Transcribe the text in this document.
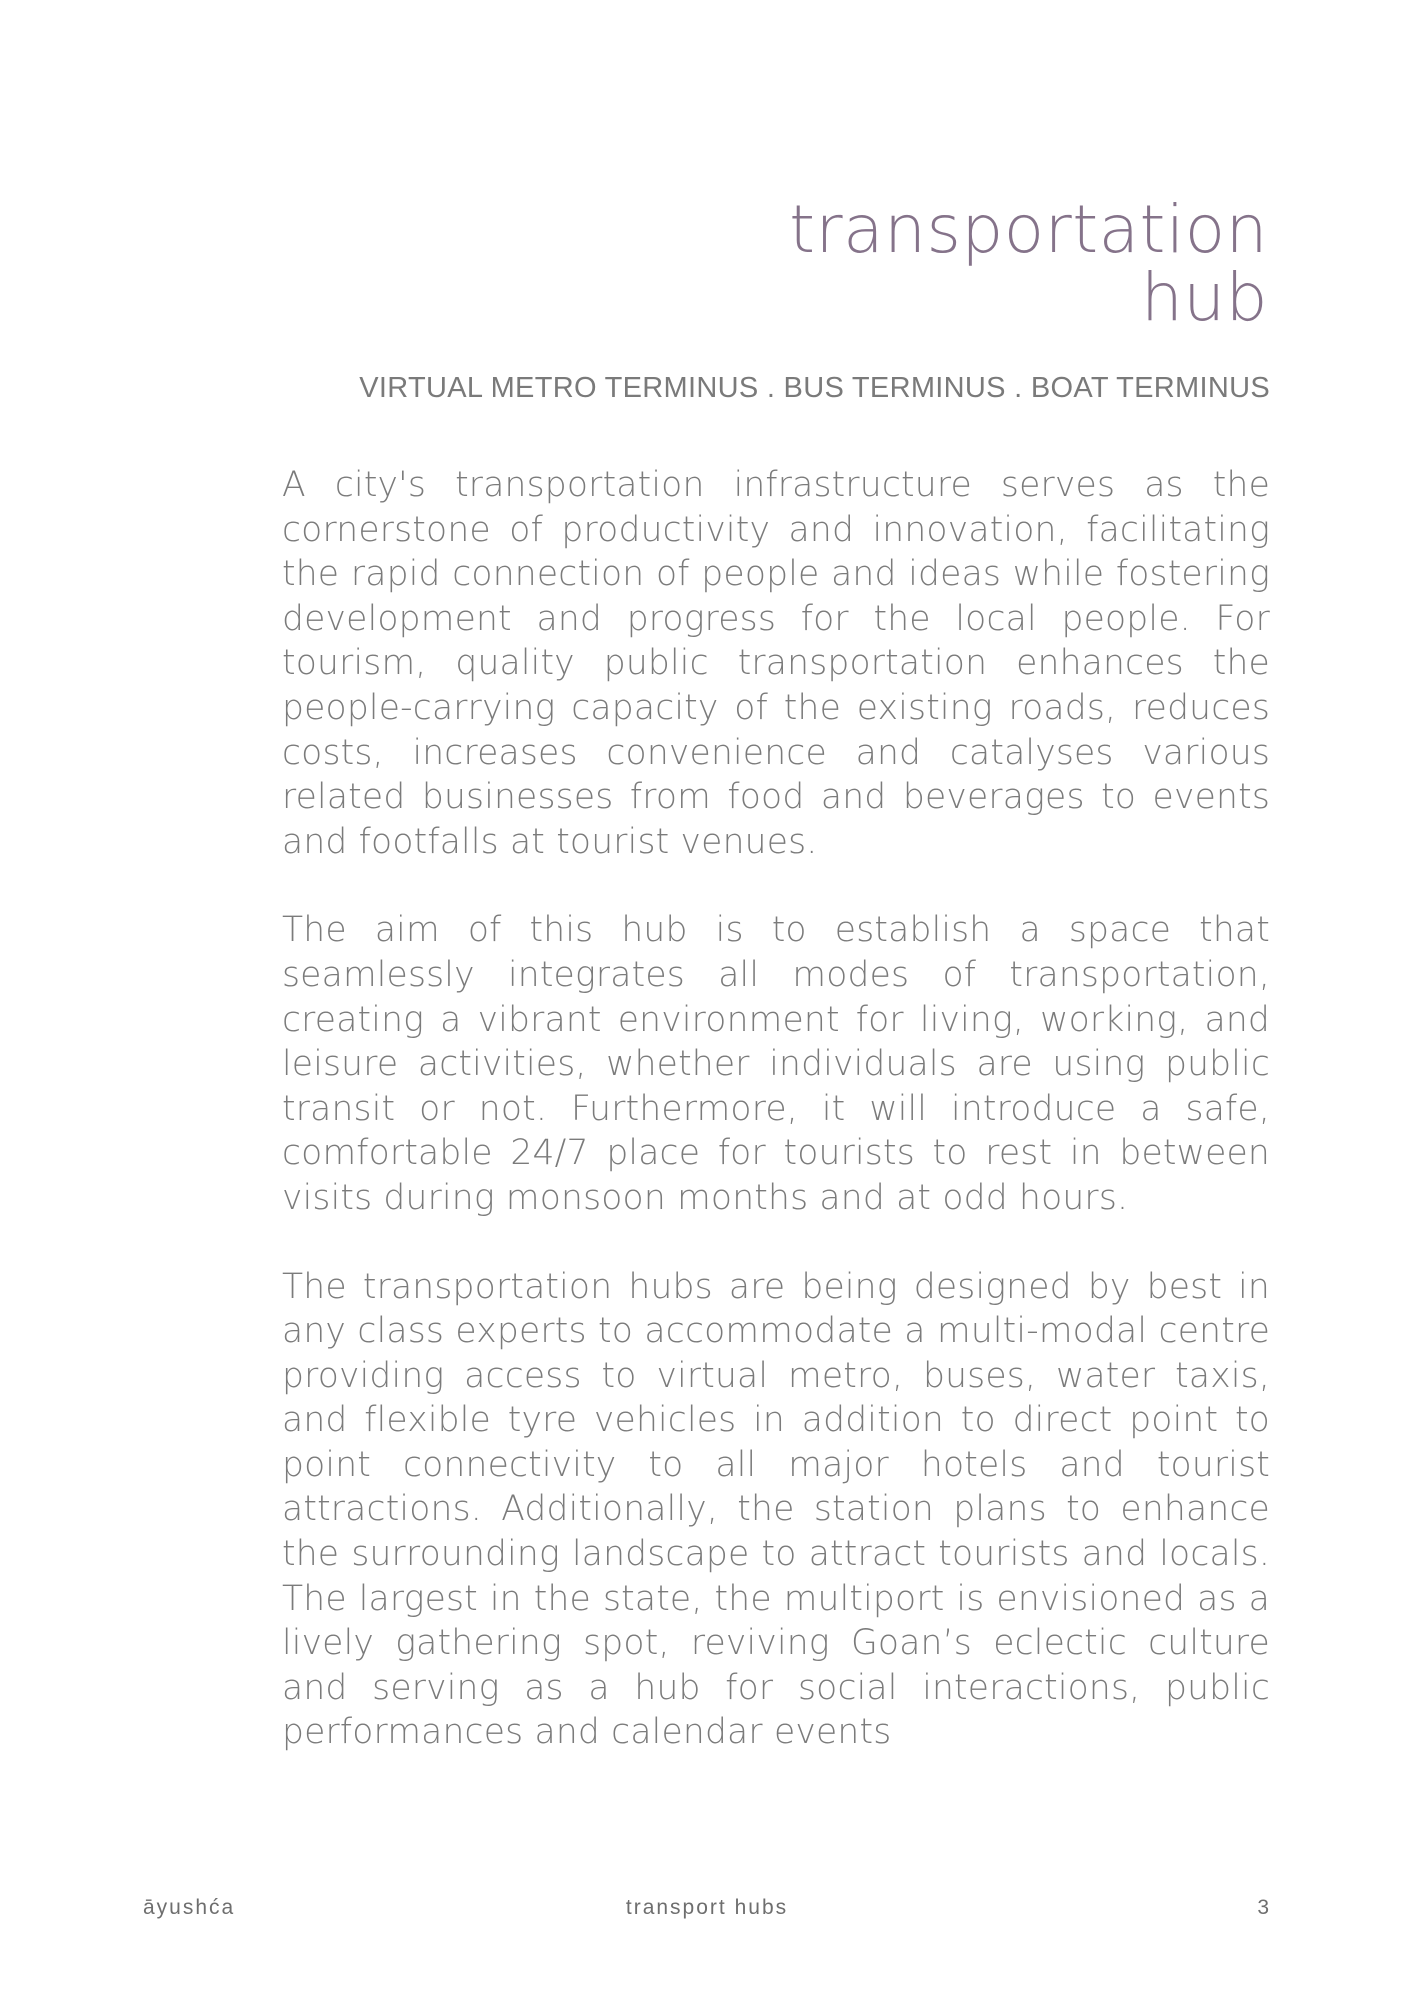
transportation
hub

VIRTUAL METRO TERMINUS . BUS TERMINUS . BOAT TERMINUS

A city's transportation infrastructure serves as the cornerstone of productivity and innovation, facilitating the rapid connection of people and ideas while fostering development and progress for the local people. For tourism, quality public transportation enhances the people-carrying capacity of the existing roads, reduces costs, increases convenience and catalyses various related businesses from food and beverages to events and footfalls at tourist venues.

The aim of this hub is to establish a space that seamlessly integrates all modes of transportation, creating a vibrant environment for living, working, and leisure activities, whether individuals are using public transit or not. Furthermore, it will introduce a safe, comfortable 24/7 place for tourists to rest in between visits during monsoon months and at odd hours.

The transportation hubs are being designed by best in any class experts to accommodate a multi-modal centre providing access to virtual metro, buses, water taxis, and flexible tyre vehicles in addition to direct point to point connectivity to all major hotels and tourist attractions. Additionally, the station plans to enhance the surrounding landscape to attract tourists and locals. The largest in the state, the multiport is envisioned as a lively gathering spot, reviving Goan’s eclectic culture and serving as a hub for social interactions, public performances and calendar events

transport hubs
āyushća	3
